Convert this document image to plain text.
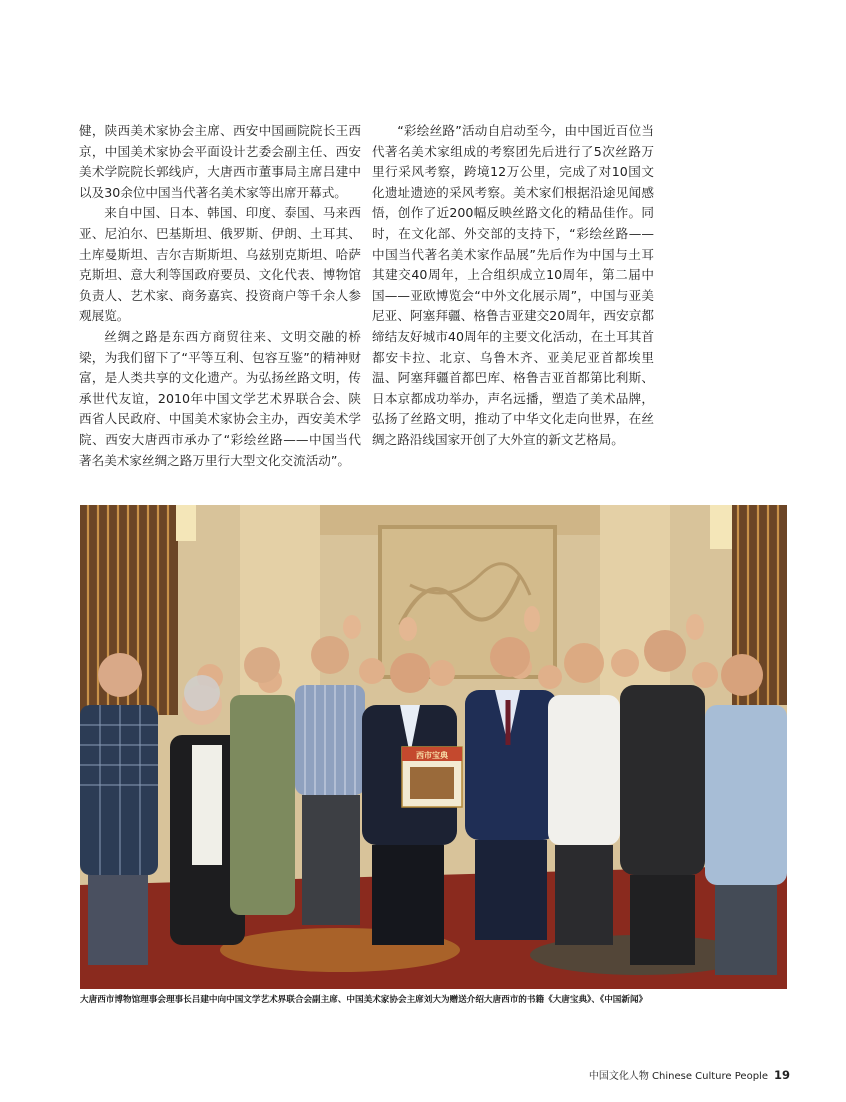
健，陕西美术家协会主席、西安中国画院院长王西京，中国美术家协会平面设计艺委会副主任、西安美术学院院长郭线庐，大唐西市董事局主席吕建中以及30余位中国当代著名美术家等出席开幕式。

来自中国、日本、韩国、印度、泰国、马来西亚、尼泊尔、巴基斯坦、俄罗斯、伊朗、土耳其、土库曼斯坦、吉尔吉斯斯坦、乌兹别克斯坦、哈萨克斯坦、意大利等国政府要员、文化代表、博物馆负责人、艺术家、商务嘉宾、投资商户等千余人参观展览。

丝绸之路是东西方商贸往来、文明交融的桥梁，为我们留下了“平等互利、包容互鉴”的精神财富，是人类共享的文化遗产。为弘扬丝路文明，传承世代友谊，2010年中国文学艺术界联合会、陕西省人民政府、中国美术家协会主办，西安美术学院、西安大唐西市承办了“彩绘丝路——中国当代著名美术家丝绸之路万里行大型文化交流活动”。

“彩绘丝路”活动自启动至今，由中国近百位当代著名美术家组成的考察团先后进行了5次丝路万里行采风考察，跨境12万公里，完成了对10国文化遗址遗迹的采风考察。美术家们根据沿途见闻感悟，创作了近200幅反映丝路文化的精品佳作。同时，在文化部、外交部的支持下，“彩绘丝路——中国当代著名美术家作品展”先后作为中国与土耳其建交40周年，上合组织成立10周年，第二届中国——亚欧博览会“中外文化展示周”，中国与亚美尼亚、阿塞拜疆、格鲁吉亚建交20周年，西安京都缔结友好城市40周年的主要文化活动，在土耳其首都安卡拉、北京、乌鲁木齐、亚美尼亚首都埃里温、阿塞拜疆首都巴库、格鲁吉亚首都第比利斯、日本京都成功举办，声名远播，塑造了美术品牌，弘扬了丝路文明，推动了中华文化走向世界，在丝绸之路沿线国家开创了大外宣的新文艺格局。

西市宝典
大唐西市博物馆理事会理事长吕建中向中国文学艺术界联合会副主席、中国美术家协会主席刘大为赠送介绍大唐西市的书籍《大唐宝典》、《中国新闻》
中国文化人物 Chinese Culture People 19
